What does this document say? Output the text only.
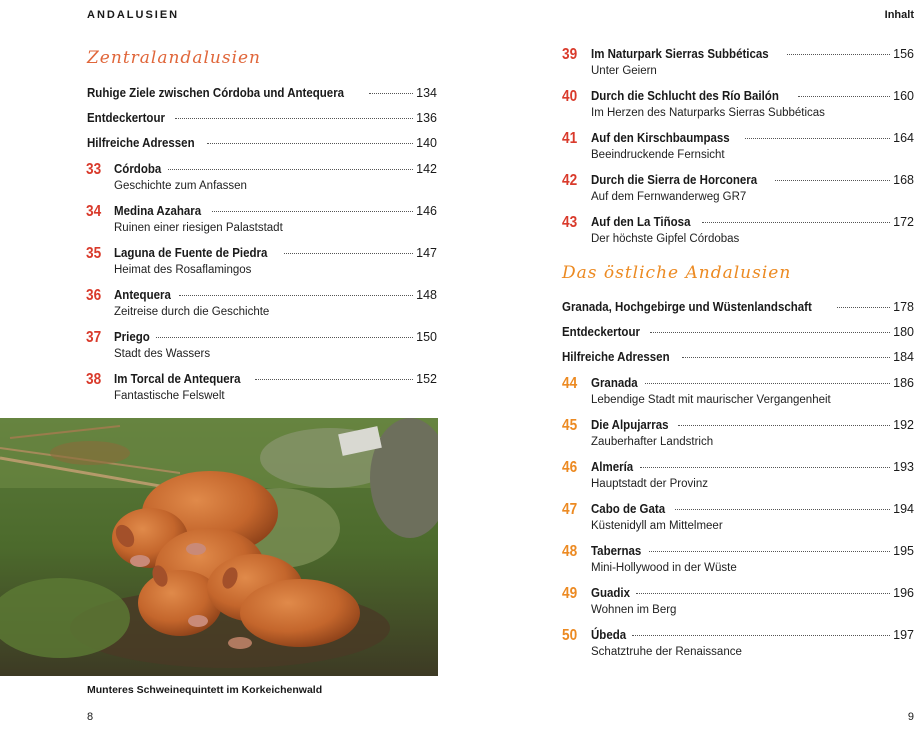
ANDALUSIEN
Zentralandalusien
Ruhige Ziele zwischen Córdoba und Antequera	134
Entdeckertour	136
Hilfreiche Adressen	140
33 Córdoba	142
Geschichte zum Anfassen
34 Medina Azahara	146
Ruinen einer riesigen Palaststadt
35 Laguna de Fuente de Piedra	147
Heimat des Rosaflamingos
36 Antequera	148
Zeitreise durch die Geschichte
37 Priego	150
Stadt des Wassers
38 Im Torcal de Antequera	152
Fantastische Felswelt
Munteres Schweinequintett im Korkeichenwald
8
Inhalt
39 Im Naturpark Sierras Subbéticas	156
Unter Geiern
40 Durch die Schlucht des Río Bailón	160
Im Herzen des Naturparks Sierras Subbéticas
41 Auf den Kirschbaumpass	164
Beeindruckende Fernsicht
42 Durch die Sierra de Horconera	168
Auf dem Fernwanderweg GR7
43 Auf den La Tiñosa	172
Der höchste Gipfel Córdobas
Das östliche Andalusien
Granada, Hochgebirge und Wüstenlandschaft	178
Entdeckertour	180
Hilfreiche Adressen	184
44 Granada	186
Lebendige Stadt mit maurischer Vergangenheit
45 Die Alpujarras	192
Zauberhafter Landstrich
46 Almería	193
Hauptstadt der Provinz
47 Cabo de Gata	194
Küstenidyll am Mittelmeer
48 Tabernas	195
Mini-Hollywood in der Wüste
49 Guadix	196
Wohnen im Berg
50 Úbeda	197
Schatztruhe der Renaissance
9
